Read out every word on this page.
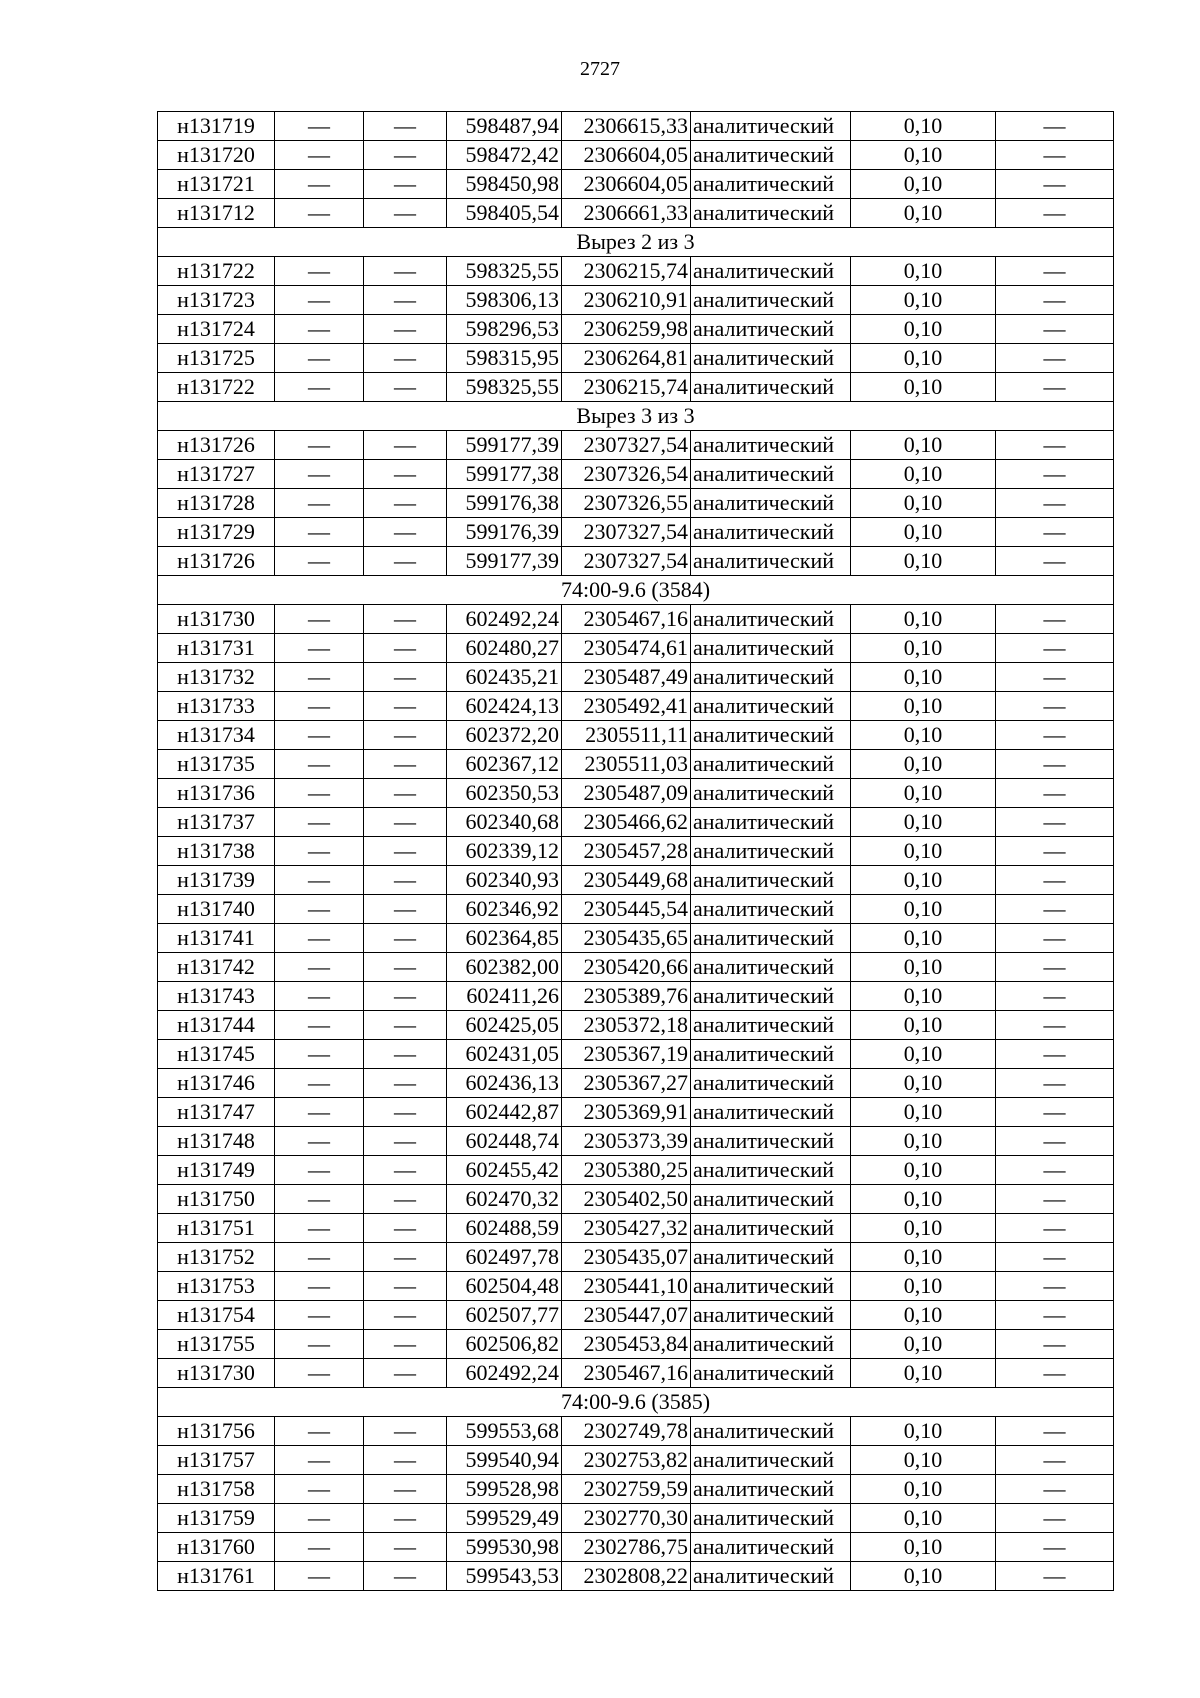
2727
н131719	—	—	598487,94	2306615,33	аналитический	0,10	—
н131720	—	—	598472,42	2306604,05	аналитический	0,10	—
н131721	—	—	598450,98	2306604,05	аналитический	0,10	—
н131712	—	—	598405,54	2306661,33	аналитический	0,10	—
Вырез 2 из 3							
н131722	—	—	598325,55	2306215,74	аналитический	0,10	—
н131723	—	—	598306,13	2306210,91	аналитический	0,10	—
н131724	—	—	598296,53	2306259,98	аналитический	0,10	—
н131725	—	—	598315,95	2306264,81	аналитический	0,10	—
н131722	—	—	598325,55	2306215,74	аналитический	0,10	—
Вырез 3 из 3							
н131726	—	—	599177,39	2307327,54	аналитический	0,10	—
н131727	—	—	599177,38	2307326,54	аналитический	0,10	—
н131728	—	—	599176,38	2307326,55	аналитический	0,10	—
н131729	—	—	599176,39	2307327,54	аналитический	0,10	—
н131726	—	—	599177,39	2307327,54	аналитический	0,10	—
74:00-9.6 (3584)							
н131730	—	—	602492,24	2305467,16	аналитический	0,10	—
н131731	—	—	602480,27	2305474,61	аналитический	0,10	—
н131732	—	—	602435,21	2305487,49	аналитический	0,10	—
н131733	—	—	602424,13	2305492,41	аналитический	0,10	—
н131734	—	—	602372,20	2305511,11	аналитический	0,10	—
н131735	—	—	602367,12	2305511,03	аналитический	0,10	—
н131736	—	—	602350,53	2305487,09	аналитический	0,10	—
н131737	—	—	602340,68	2305466,62	аналитический	0,10	—
н131738	—	—	602339,12	2305457,28	аналитический	0,10	—
н131739	—	—	602340,93	2305449,68	аналитический	0,10	—
н131740	—	—	602346,92	2305445,54	аналитический	0,10	—
н131741	—	—	602364,85	2305435,65	аналитический	0,10	—
н131742	—	—	602382,00	2305420,66	аналитический	0,10	—
н131743	—	—	602411,26	2305389,76	аналитический	0,10	—
н131744	—	—	602425,05	2305372,18	аналитический	0,10	—
н131745	—	—	602431,05	2305367,19	аналитический	0,10	—
н131746	—	—	602436,13	2305367,27	аналитический	0,10	—
н131747	—	—	602442,87	2305369,91	аналитический	0,10	—
н131748	—	—	602448,74	2305373,39	аналитический	0,10	—
н131749	—	—	602455,42	2305380,25	аналитический	0,10	—
н131750	—	—	602470,32	2305402,50	аналитический	0,10	—
н131751	—	—	602488,59	2305427,32	аналитический	0,10	—
н131752	—	—	602497,78	2305435,07	аналитический	0,10	—
н131753	—	—	602504,48	2305441,10	аналитический	0,10	—
н131754	—	—	602507,77	2305447,07	аналитический	0,10	—
н131755	—	—	602506,82	2305453,84	аналитический	0,10	—
н131730	—	—	602492,24	2305467,16	аналитический	0,10	—
74:00-9.6 (3585)							
н131756	—	—	599553,68	2302749,78	аналитический	0,10	—
н131757	—	—	599540,94	2302753,82	аналитический	0,10	—
н131758	—	—	599528,98	2302759,59	аналитический	0,10	—
н131759	—	—	599529,49	2302770,30	аналитический	0,10	—
н131760	—	—	599530,98	2302786,75	аналитический	0,10	—
н131761	—	—	599543,53	2302808,22	аналитический	0,10	—
